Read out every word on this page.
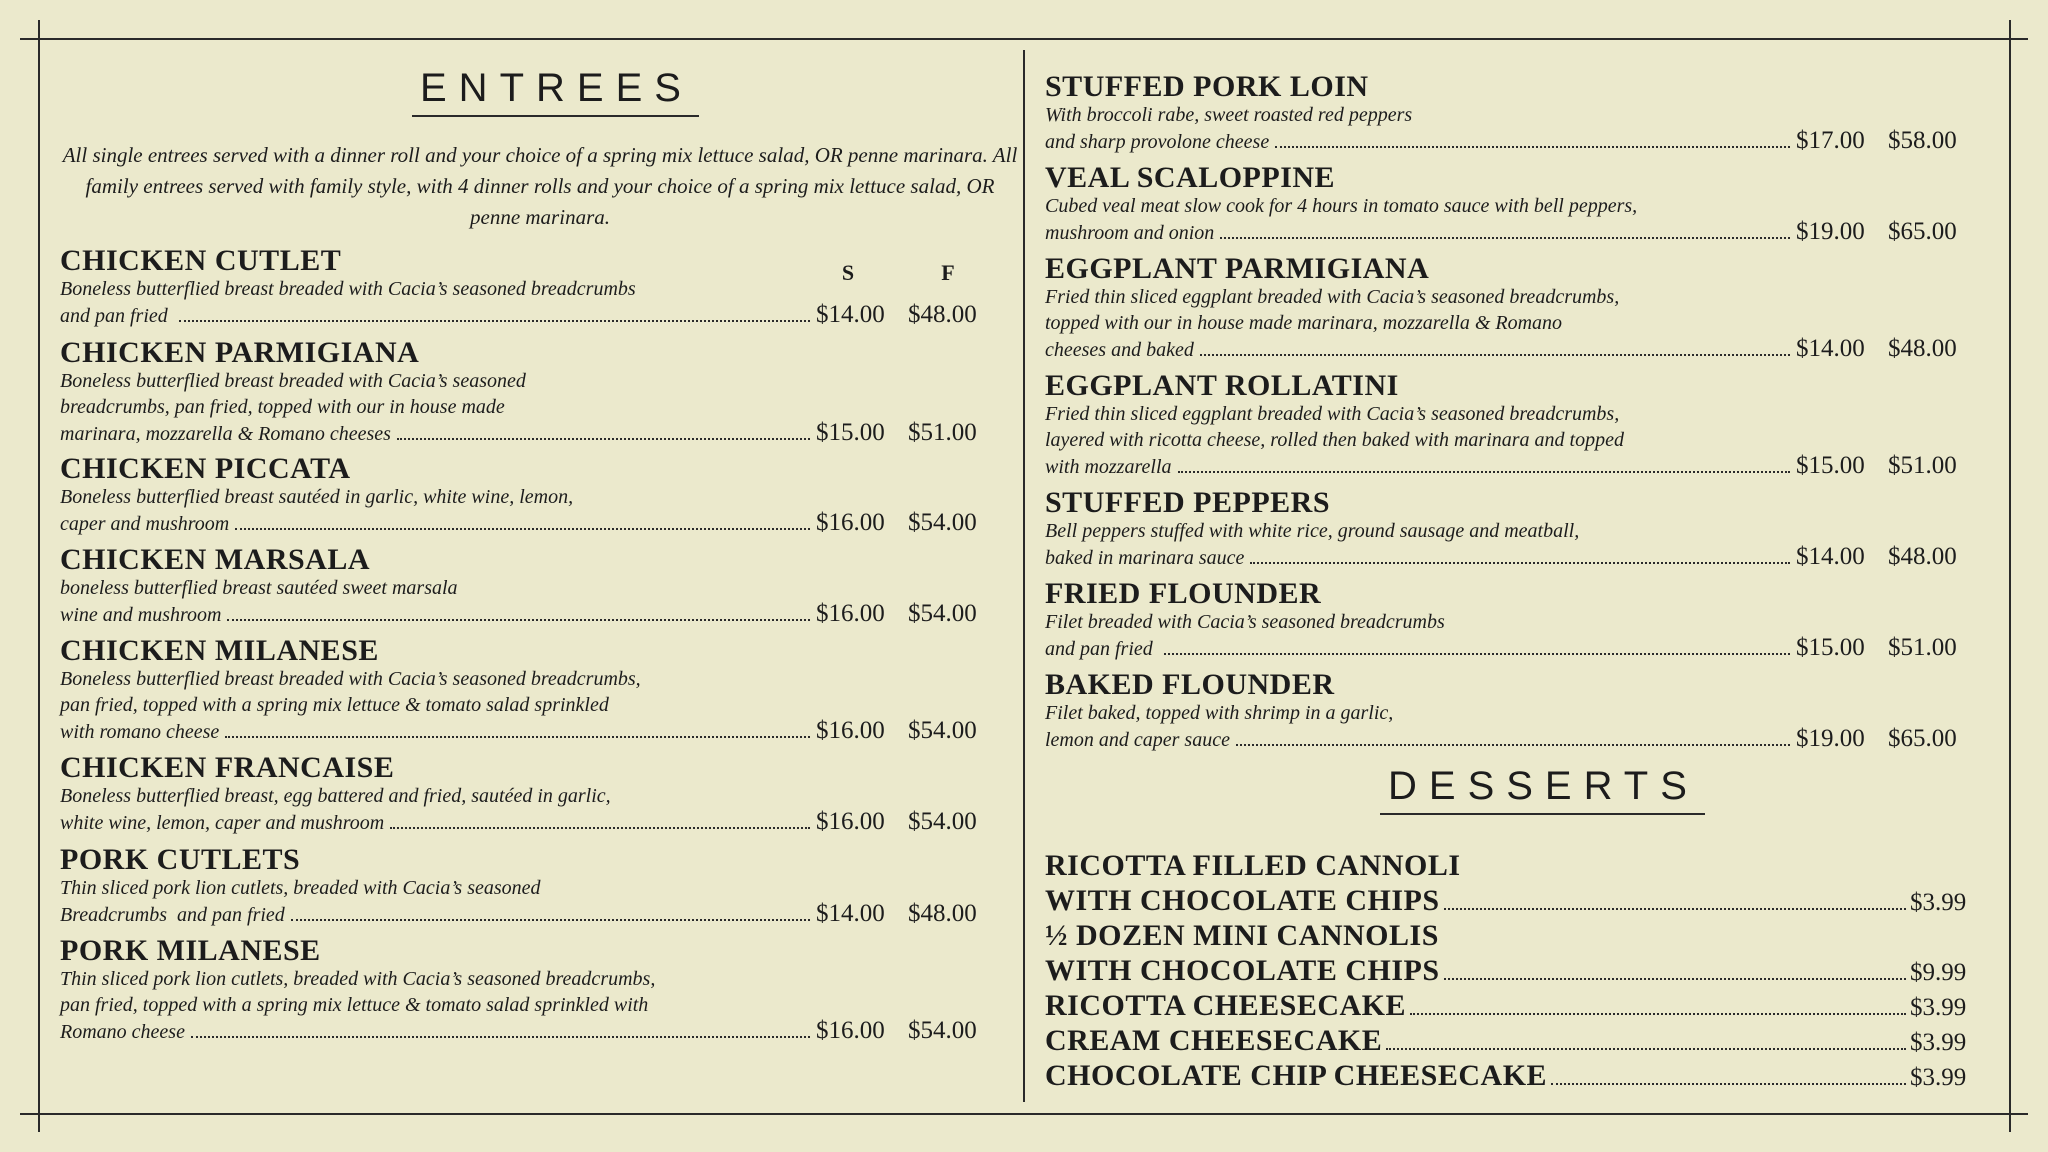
ENTREES
All single entrees served with a dinner roll and your choice of a spring mix lettuce salad, OR penne marinara. All family entrees served with family style, with 4 dinner rolls and your choice of a spring mix lettuce salad, OR penne marinara.
S	F
CHICKEN CUTLET
Boneless butterflied breast breaded with Cacia’s seasoned breadcrumbs
and pan fried	$14.00 $48.00
CHICKEN PARMIGIANA
Boneless butterflied breast breaded with Cacia’s seasoned
breadcrumbs, pan fried, topped with our in house made
marinara, mozzarella & Romano cheeses	$15.00 $51.00
CHICKEN PICCATA
Boneless butterflied breast sautéed in garlic, white wine, lemon,
caper and mushroom	$16.00 $54.00
CHICKEN MARSALA
boneless butterflied breast sautéed sweet marsala
wine and mushroom	$16.00 $54.00
CHICKEN MILANESE
Boneless butterflied breast breaded with Cacia’s seasoned breadcrumbs,
pan fried, topped with a spring mix lettuce & tomato salad sprinkled
with romano cheese	$16.00 $54.00
CHICKEN FRANCAISE
Boneless butterflied breast, egg battered and fried, sautéed in garlic,
white wine, lemon, caper and mushroom	$16.00 $54.00
PORK CUTLETS
Thin sliced pork lion cutlets, breaded with Cacia’s seasoned
Breadcrumbs  and pan fried	$14.00 $48.00
PORK MILANESE
Thin sliced pork lion cutlets, breaded with Cacia’s seasoned breadcrumbs,
pan fried, topped with a spring mix lettuce & tomato salad sprinkled with
Romano cheese	$16.00 $54.00
STUFFED PORK LOIN
With broccoli rabe, sweet roasted red peppers
and sharp provolone cheese	$17.00 $58.00
VEAL SCALOPPINE
Cubed veal meat slow cook for 4 hours in tomato sauce with bell peppers,
mushroom and onion	$19.00 $65.00
EGGPLANT PARMIGIANA
Fried thin sliced eggplant breaded with Cacia’s seasoned breadcrumbs,
topped with our in house made marinara, mozzarella & Romano
cheeses and baked	$14.00 $48.00
EGGPLANT ROLLATINI
Fried thin sliced eggplant breaded with Cacia’s seasoned breadcrumbs,
layered with ricotta cheese, rolled then baked with marinara and topped
with mozzarella	$15.00 $51.00
STUFFED PEPPERS
Bell peppers stuffed with white rice, ground sausage and meatball,
baked in marinara sauce	$14.00 $48.00
FRIED FLOUNDER
Filet breaded with Cacia’s seasoned breadcrumbs
and pan fried	$15.00 $51.00
BAKED FLOUNDER
Filet baked, topped with shrimp in a garlic,
lemon and caper sauce	$19.00 $65.00
DESSERTS
RICOTTA FILLED CANNOLI
WITH CHOCOLATE CHIPS	$3.99
½ DOZEN MINI CANNOLIS
WITH CHOCOLATE CHIPS	$9.99
RICOTTA CHEESECAKE	$3.99
CREAM CHEESECAKE	$3.99
CHOCOLATE CHIP CHEESECAKE	$3.99
